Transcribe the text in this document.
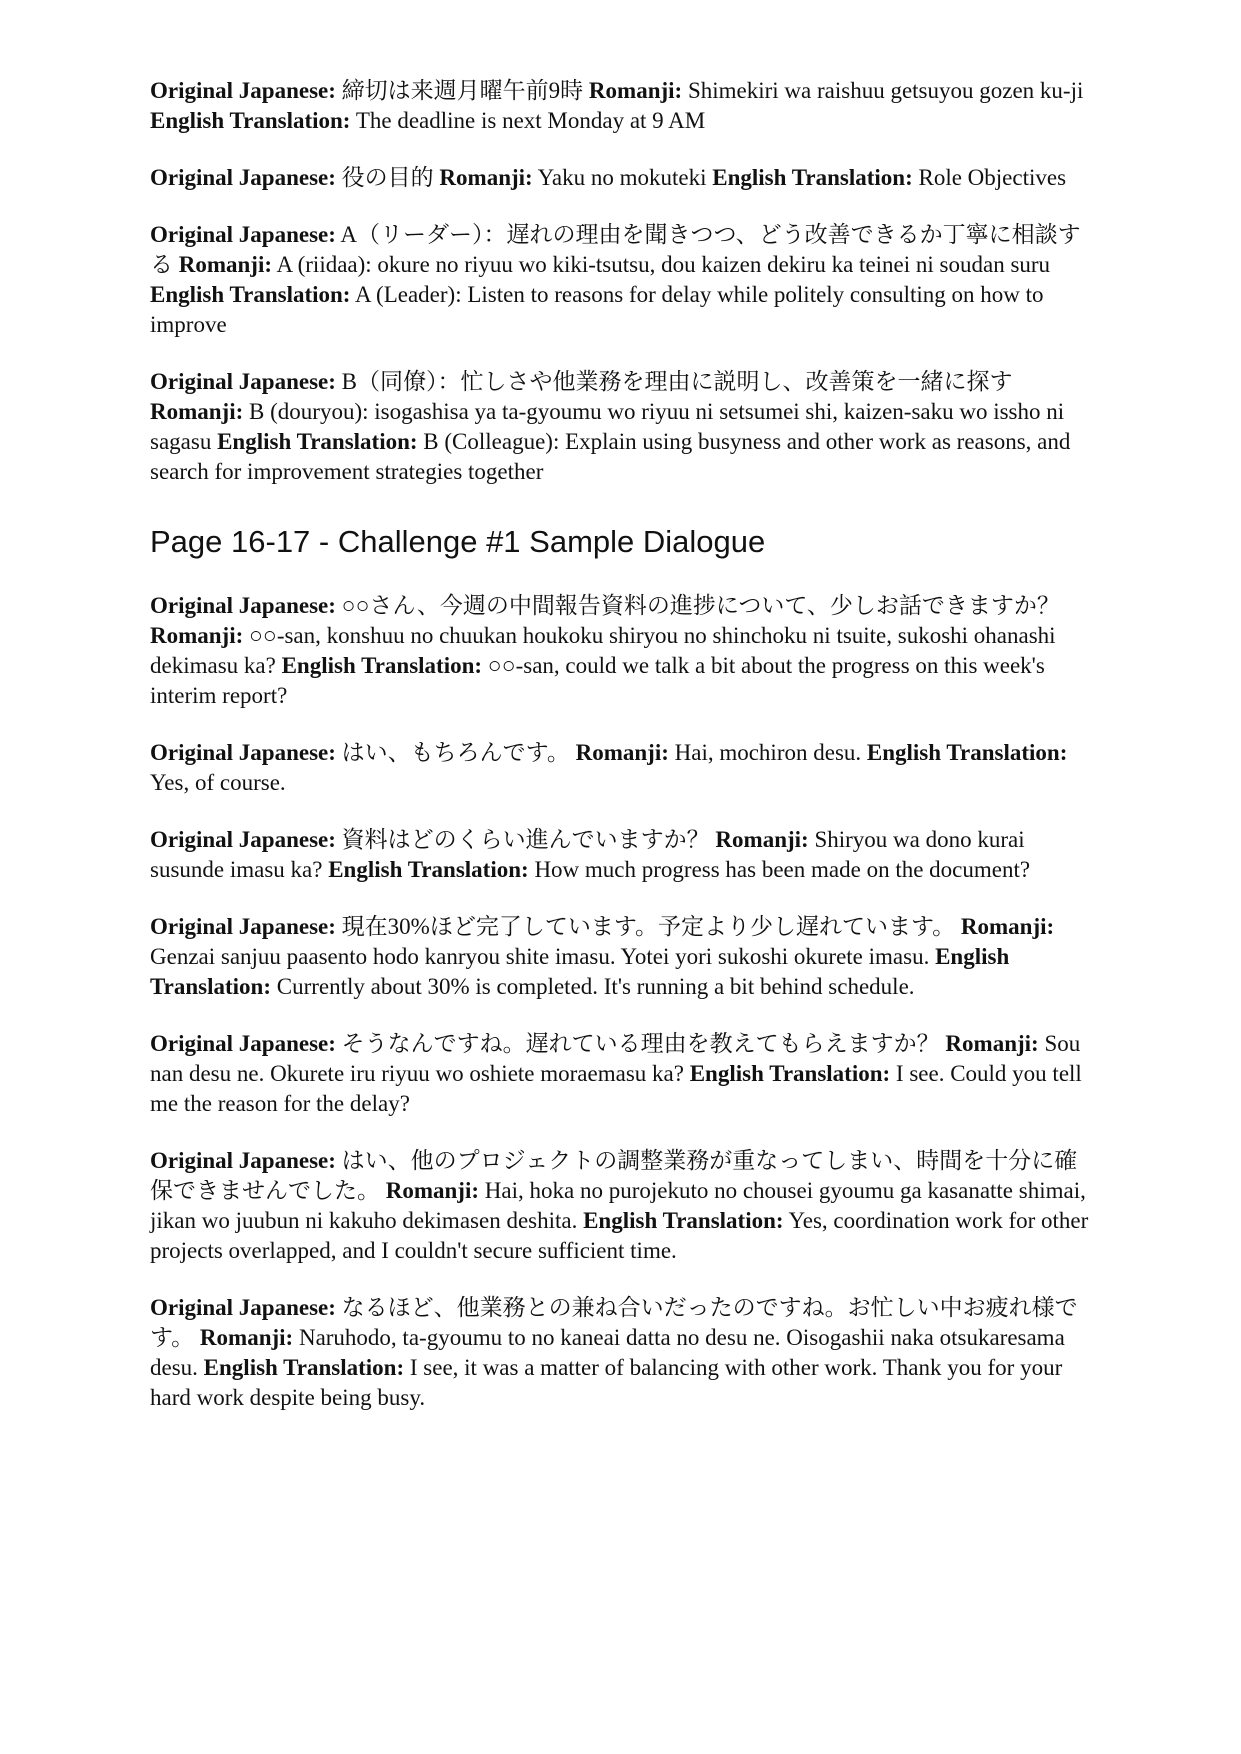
Original Japanese: 締切は来週月曜午前9時 Romanji: Shimekiri wa raishuu getsuyou gozen ku-ji English Translation: The deadline is next Monday at 9 AM

Original Japanese: 役の目的 Romanji: Yaku no mokuteki English Translation: Role Objectives

Original Japanese: A（リーダー）：遅れの理由を聞きつつ、どう改善できるか丁寧に相談する Romanji: A (riidaa): okure no riyuu wo kiki-tsutsu, dou kaizen dekiru ka teinei ni soudan suru English Translation: A (Leader): Listen to reasons for delay while politely consulting on how to improve

Original Japanese: B（同僚）：忙しさや他業務を理由に説明し、改善策を一緒に探す Romanji: B (douryou): isogashisa ya ta-gyoumu wo riyuu ni setsumei shi, kaizen-saku wo issho ni sagasu English Translation: B (Colleague): Explain using busyness and other work as reasons, and search for improvement strategies together

Page 16-17 - Challenge #1 Sample Dialogue

Original Japanese: ○○さん、今週の中間報告資料の進捗について、少しお話できますか？ Romanji: ○○-san, konshuu no chuukan houkoku shiryou no shinchoku ni tsuite, sukoshi ohanashi dekimasu ka? English Translation: ○○-san, could we talk a bit about the progress on this week's interim report?

Original Japanese: はい、もちろんです。 Romanji: Hai, mochiron desu. English Translation: Yes, of course.

Original Japanese: 資料はどのくらい進んでいますか？ Romanji: Shiryou wa dono kurai susunde imasu ka? English Translation: How much progress has been made on the document?

Original Japanese: 現在30%ほど完了しています。予定より少し遅れています。 Romanji: Genzai sanjuu paasento hodo kanryou shite imasu. Yotei yori sukoshi okurete imasu. English Translation: Currently about 30% is completed. It's running a bit behind schedule.

Original Japanese: そうなんですね。遅れている理由を教えてもらえますか？ Romanji: Sou nan desu ne. Okurete iru riyuu wo oshiete moraemasu ka? English Translation: I see. Could you tell me the reason for the delay?

Original Japanese: はい、他のプロジェクトの調整業務が重なってしまい、時間を十分に確保できませんでした。 Romanji: Hai, hoka no purojekuto no chousei gyoumu ga kasanatte shimai, jikan wo juubun ni kakuho dekimasen deshita. English Translation: Yes, coordination work for other projects overlapped, and I couldn't secure sufficient time.

Original Japanese: なるほど、他業務との兼ね合いだったのですね。お忙しい中お疲れ様です。 Romanji: Naruhodo, ta-gyoumu to no kaneai datta no desu ne. Oisogashii naka otsukaresama desu. English Translation: I see, it was a matter of balancing with other work. Thank you for your hard work despite being busy.
